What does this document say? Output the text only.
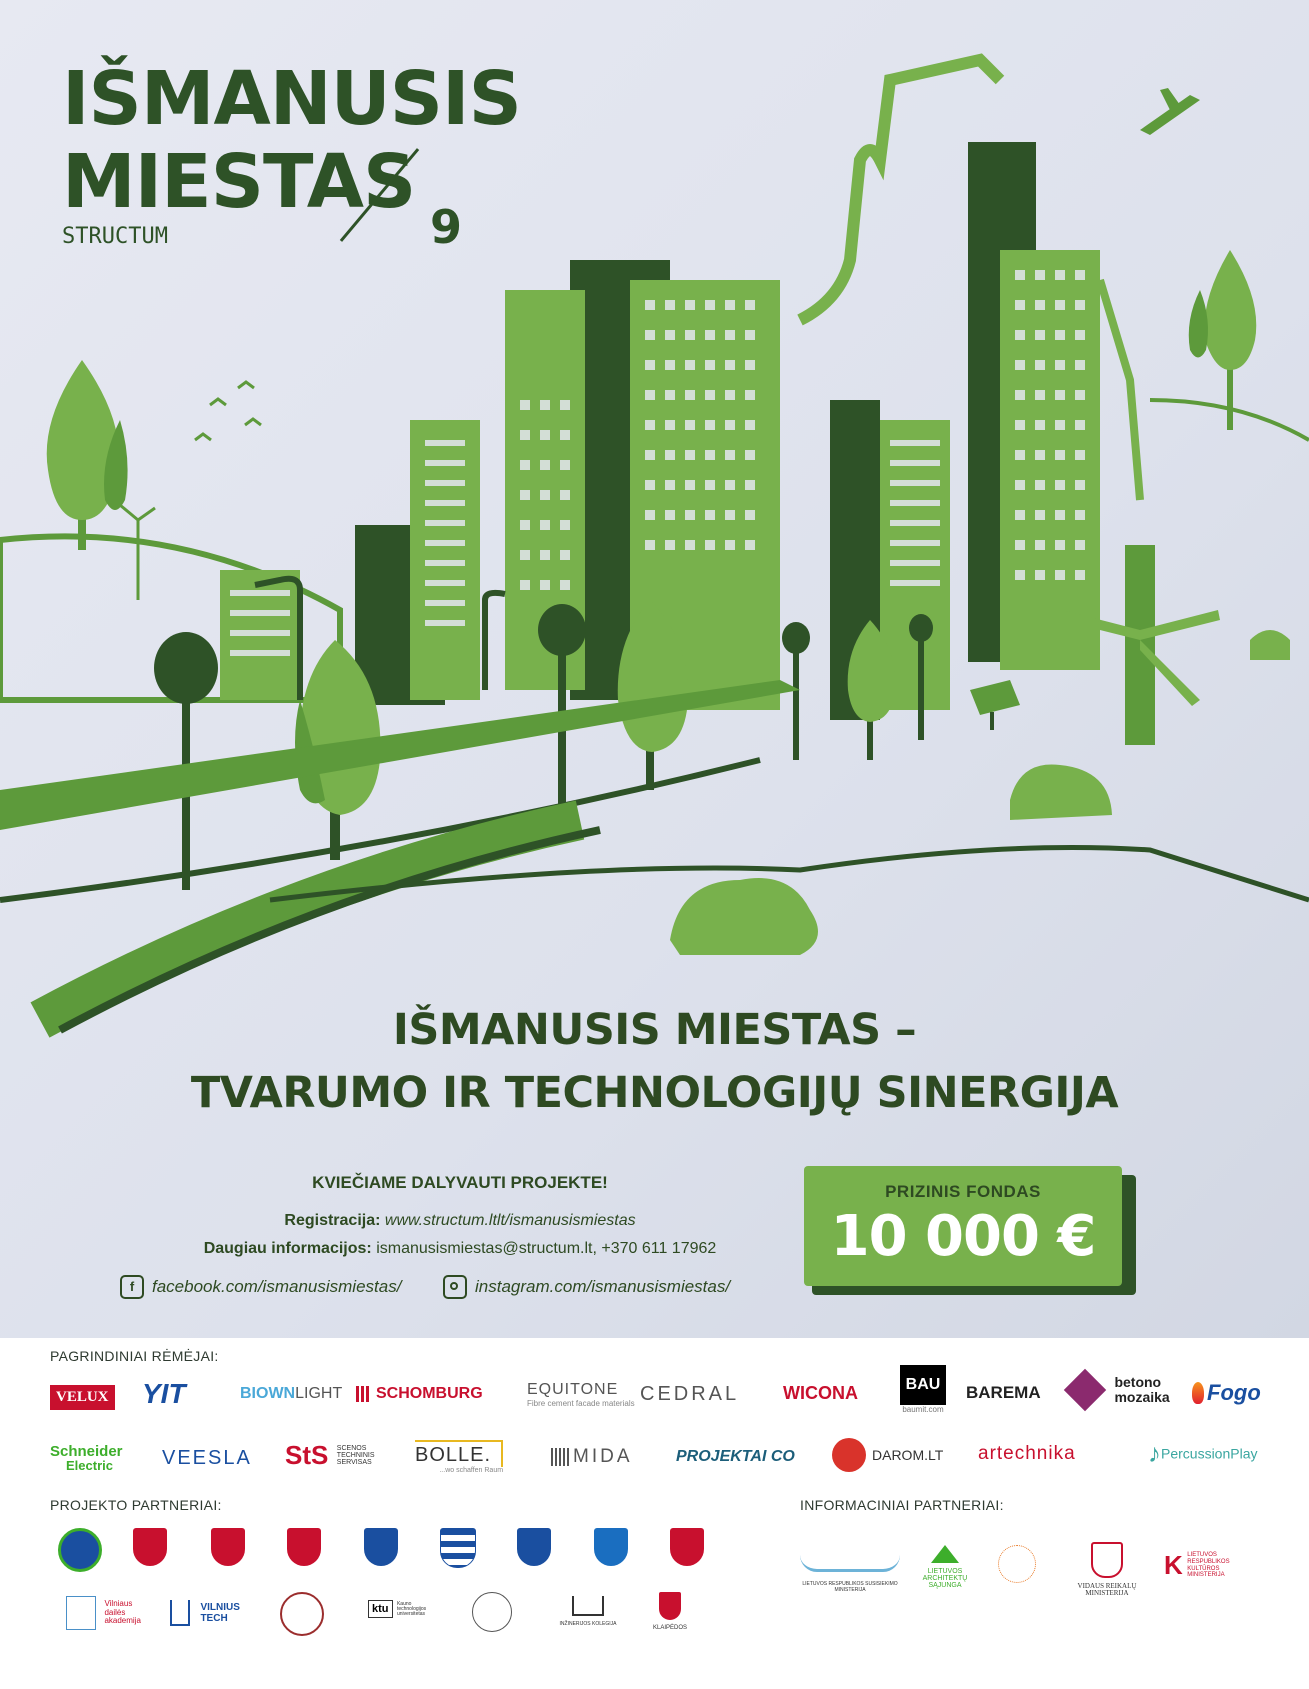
IŠMANUSIS
MIESTAS
STRUCTUM	9
IŠMANUSIS MIESTAS –
TVARUMO IR TECHNOLOGIJŲ SINERGIJA
KVIEČIAME DALYVAUTI PROJEKTE!
Registracija: www.structum.ltlt/ismanusismiestas
Daugiau informacijos: ismanusismiestas@structum.lt, +370 611 17962
f	facebook.com/ismanusismiestas/	instagram.com/ismanusismiestas/
PRIZINIS FONDAS
10 000 €
PAGRINDINIAI RĖMĖJAI:
VELUX YIT	BIOWNLIGHT	SCHOMBURG	EQUITONE
Fibre cement facade materials CEDRAL WICONA	BAU
baumit.com
BAREMA

betono
mozaika	Fogo
Schneider
Electric	VEESLA StS SCENOS
TECHNINIS
SERVISAS BOLLE.
...wo schaffen Raum
MIDA	PROJEKTAI CO	DAROM.LT artechnika	♪PercussionPlay
PROJEKTO PARTNERIAI:	INFORMACINIAI PARTNERIAI:

Vilniaus
dailės
akademija

VILNIUS
TECH
ktu Kauno technologijos universitetas
INŽINERIJOS KOLEGIJA
KLAIPĖDOS
LIETUVOS RESPUBLIKOS SUSISIEKIMO MINISTERIJA
LIETUVOS
ARCHITEKTŲ
SĄJUNGA	VIDAUS REIKALŲ
MINISTERIJA
K LIETUVOS RESPUBLIKOS KULTŪROS MINISTERIJA
